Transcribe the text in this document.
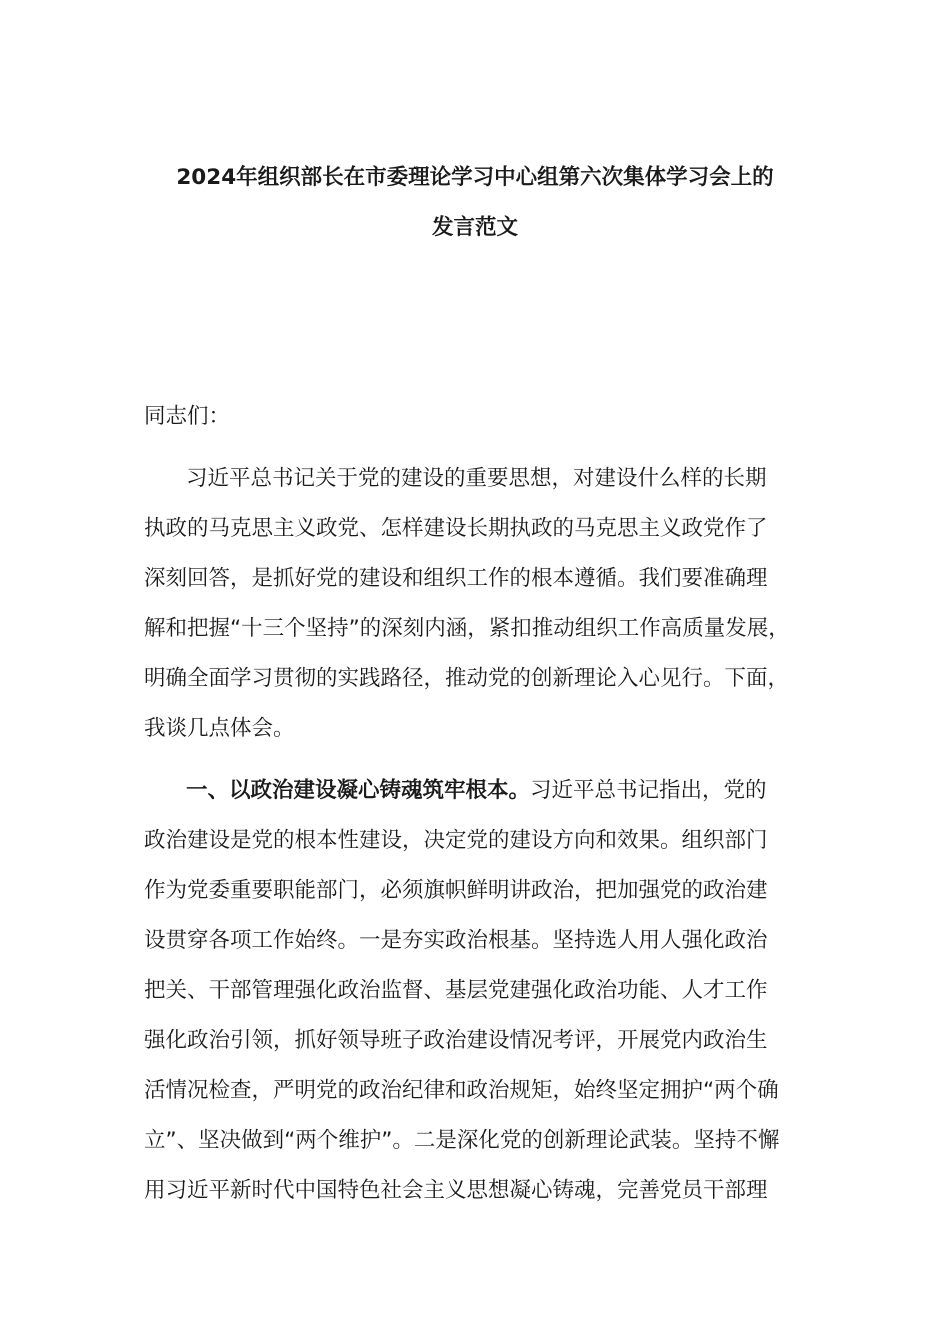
2024年组织部长在市委理论学习中心组第六次集体学习会上的
发言范文
同志们：
习近平总书记关于党的建设的重要思想，对建设什么样的长期
执政的马克思主义政党、怎样建设长期执政的马克思主义政党作了
深刻回答，是抓好党的建设和组织工作的根本遵循。我们要准确理
解和把握“十三个坚持”的深刻内涵，紧扣推动组织工作高质量发展，
明确全面学习贯彻的实践路径，推动党的创新理论入心见行。下面，
我谈几点体会。
一、以政治建设凝心铸魂筑牢根本。习近平总书记指出，党的
政治建设是党的根本性建设，决定党的建设方向和效果。组织部门
作为党委重要职能部门，必须旗帜鲜明讲政治，把加强党的政治建
设贯穿各项工作始终。一是夯实政治根基。坚持选人用人强化政治
把关、干部管理强化政治监督、基层党建强化政治功能、人才工作
强化政治引领，抓好领导班子政治建设情况考评，开展党内政治生
活情况检查，严明党的政治纪律和政治规矩，始终坚定拥护“两个确
立”、坚决做到“两个维护”。二是深化党的创新理论武装。坚持不懈
用习近平新时代中国特色社会主义思想凝心铸魂，完善党员干部理
